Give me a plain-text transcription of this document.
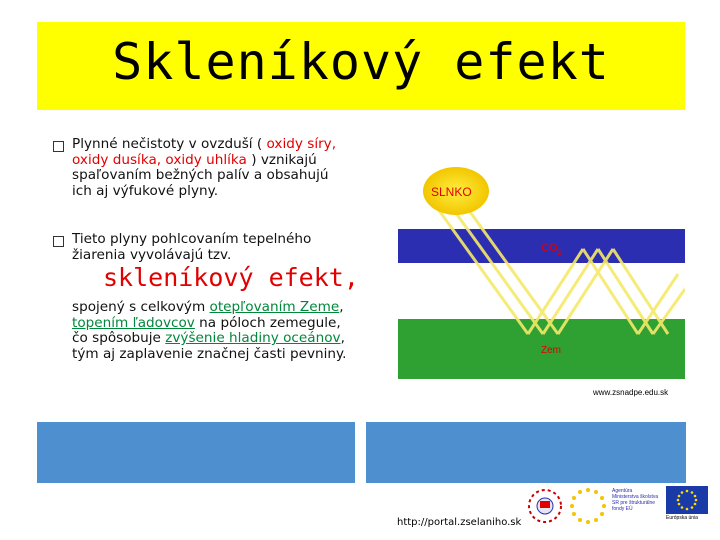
Skleníkový efekt
Plynné nečistoty v ovzduší ( oxidy síry, oxidy dusíka, oxidy uhlíka ) vznikajú spaľovaním bežných palív a obsahujú ich aj výfukové plyny.
Tieto plyny pohlcovaním tepelného žiarenia vyvolávajú tzv.
skleníkový efekt,
spojený s celkovým otepľovaním Zeme, topením ľadovcov na póloch zemegule, čo spôsobuje zvýšenie hladiny oceánov, tým aj zaplavenie značnej časti pevniny.
SLNKO
$CO_2$
Zem
www.zsnadpe.edu.sk
Agentúra Ministerstva školstva SR pre štrukturálne fondy EÚ
Európska únia
http://portal.zselaniho.sk
